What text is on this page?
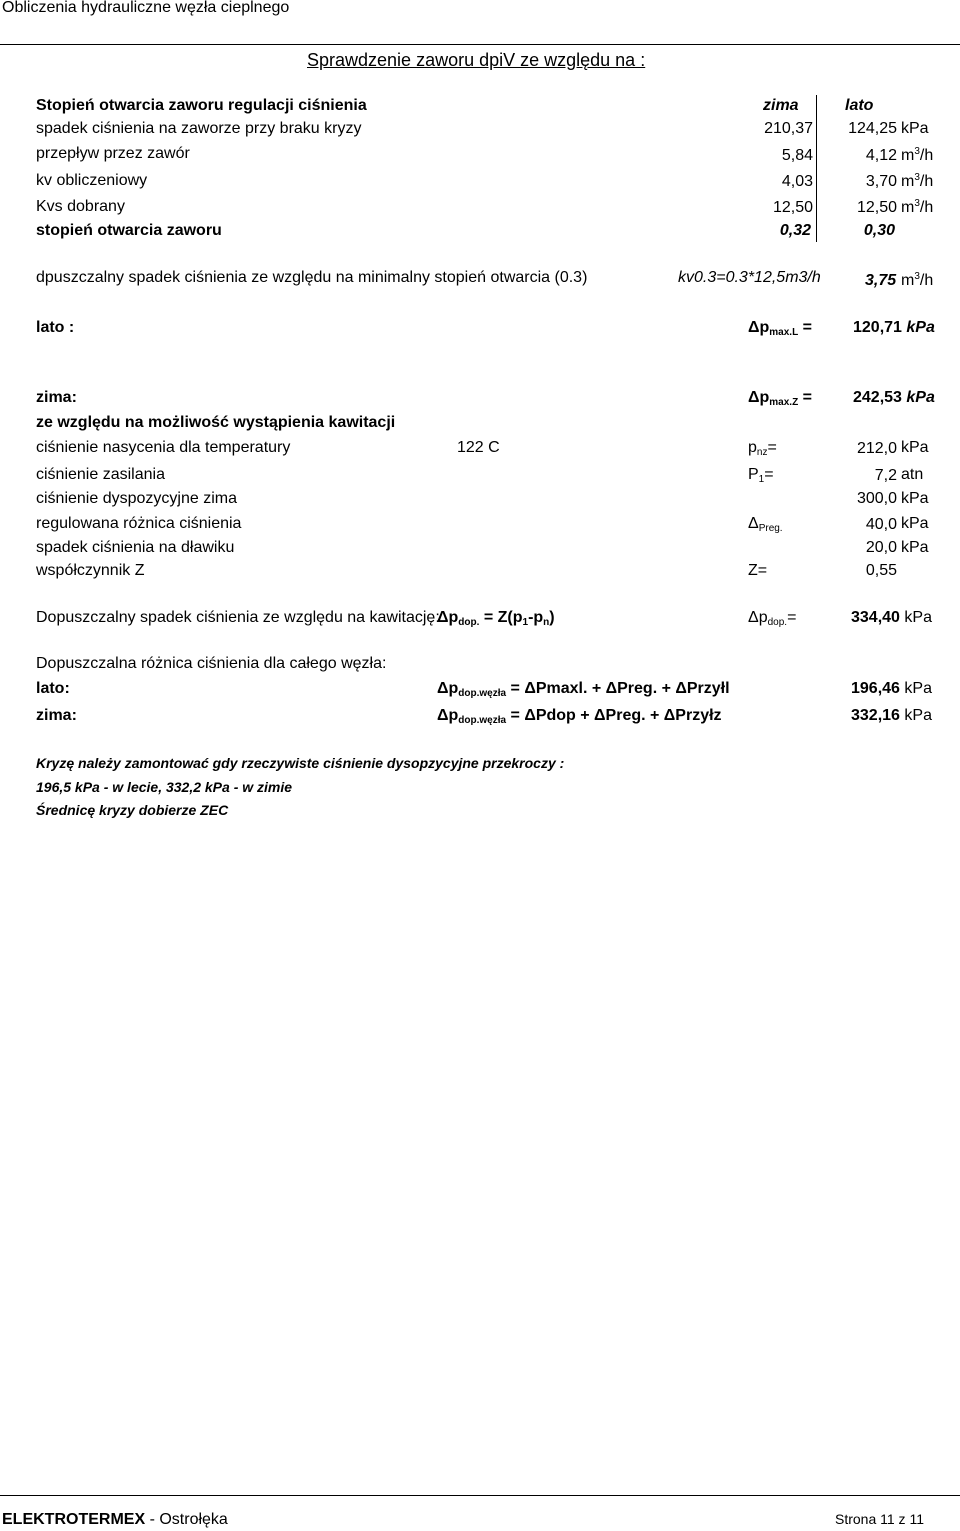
Obliczenia hydrauliczne węzła cieplnego
Sprawdzenie zaworu dpiV ze względu na :
Stopień otwarcia zaworu regulacji ciśnienia	zima	lato
spadek ciśnienia na zaworze przy braku kryzy	210,37	124,25 kPa
przepływ przez zawór	5,84	4,12 $m^3/h$
kv obliczeniowy	4,03	3,70 $m^3/h$
Kvs dobrany	12,50	12,50 $m^3/h$
stopień otwarcia zaworu	0,32	0,30
dpuszczalny spadek ciśnienia ze względu na minimalny stopień otwarcia (0.3)	kv0.3=0.3*12,5m3/h	3,75 $m^3/h$
lato :	$\Delta p_{max.L}$ =	120,71 kPa
zima:	$\Delta p_{max.Z}$ =	242,53 kPa
ze względu na możliwość wystąpienia kawitacji
ciśnienie nasycenia dla temperatury	122 C	$p_{nz}=$	212,0 kPa
ciśnienie zasilania	$P_1=$	7,2 atn
ciśnienie dyspozycyjne zima	300,0 kPa
regulowana różnica ciśnienia	$\Delta_{Preg.}$	40,0 kPa
spadek ciśnienia na dławiku	20,0 kPa
współczynnik Z	Z=	0,55
Dopuszczalny spadek ciśnienia ze względu na kawitację:
$\Delta p_{dop.} = Z(p_1-p_n)$	$\Delta p_{dop.}=$	334,40 kPa
Dopuszczalna różnica ciśnienia dla całego węzła:
lato:	$\Delta p_{dop.węzła} = \Delta Pmaxl$. + ΔPreg. + ΔPrzyłl	196,46 kPa
zima:	$\Delta p_{dop.węzła}$ = ΔPdop + ΔPreg. + ΔPrzyłz	332,16 kPa
Kryzę należy zamontować gdy rzeczywiste ciśnienie dysopzycyjne przekroczy :
196,5 kPa - w lecie, 332,2 kPa - w zimie
Średnicę kryzy dobierze ZEC
ELEKTROTERMEX - Ostrołęka	Strona 11 z 11
